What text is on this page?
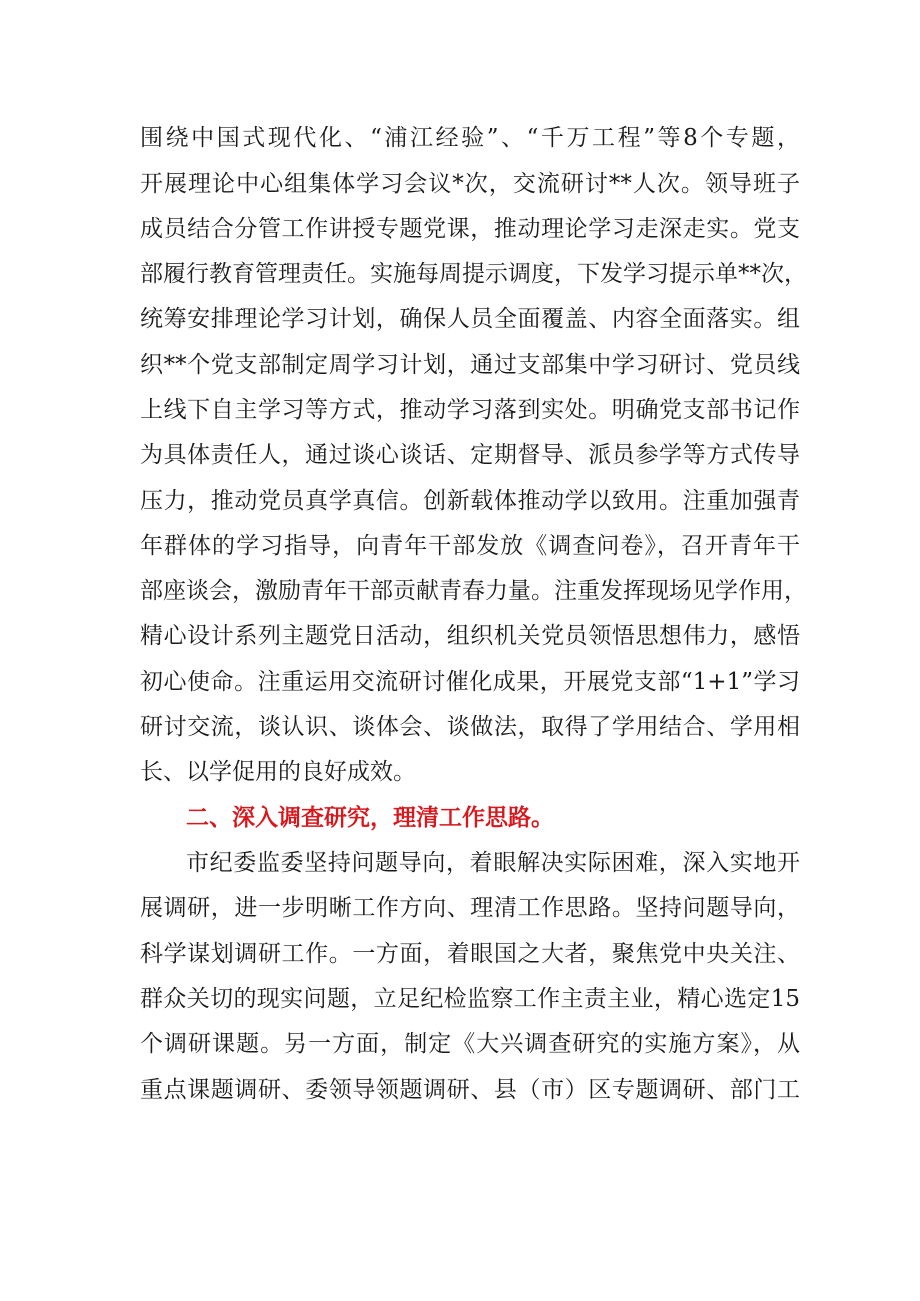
围绕中国式现代化、“浦江经验”、“千万工程”等8个专题，
开展理论中心组集体学习会议*次，交流研讨**人次。领导班子
成员结合分管工作讲授专题党课，推动理论学习走深走实。党支
部履行教育管理责任。实施每周提示调度，下发学习提示单**次，
统筹安排理论学习计划，确保人员全面覆盖、内容全面落实。组
织**个党支部制定周学习计划，通过支部集中学习研讨、党员线
上线下自主学习等方式，推动学习落到实处。明确党支部书记作
为具体责任人，通过谈心谈话、定期督导、派员参学等方式传导
压力，推动党员真学真信。创新载体推动学以致用。注重加强青
年群体的学习指导，向青年干部发放《调查问卷》，召开青年干
部座谈会，激励青年干部贡献青春力量。注重发挥现场见学作用，
精心设计系列主题党日活动，组织机关党员领悟思想伟力，感悟
初心使命。注重运用交流研讨催化成果，开展党支部“1+1”学习
研讨交流，谈认识、谈体会、谈做法，取得了学用结合、学用相
长、以学促用的良好成效。
二、深入调查研究，理清工作思路。
市纪委监委坚持问题导向，着眼解决实际困难，深入实地开
展调研，进一步明晰工作方向、理清工作思路。坚持问题导向，
科学谋划调研工作。一方面，着眼国之大者，聚焦党中央关注、
群众关切的现实问题，立足纪检监察工作主责主业，精心选定15
个调研课题。另一方面，制定《大兴调查研究的实施方案》，从
重点课题调研、委领导领题调研、县（市）区专题调研、部门工
